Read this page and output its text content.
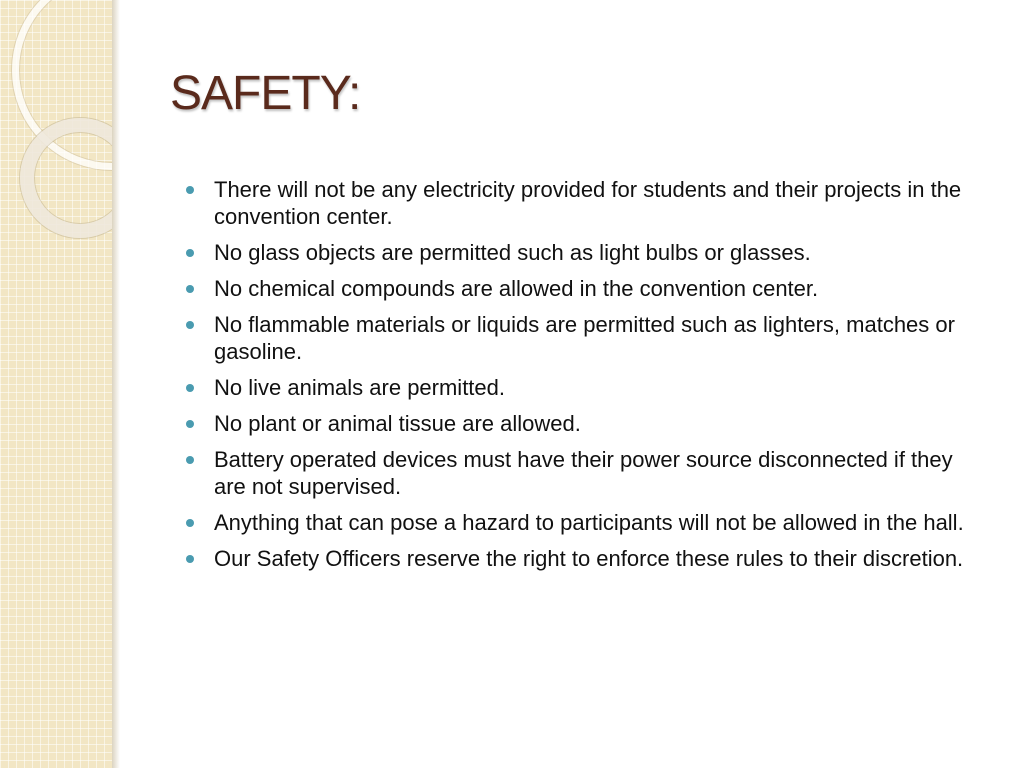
SAFETY:
There will not be any electricity provided for students and their projects in the convention center.
No glass objects are permitted such as light bulbs or glasses.
No chemical compounds are allowed in the convention center.
No flammable materials or liquids are permitted such as lighters, matches or gasoline.
No live animals are permitted.
No plant or animal tissue are allowed.
Battery operated devices must have their power source disconnected if they are not supervised.
Anything that can pose a hazard to participants will not be allowed in the hall.
Our Safety Officers reserve the right to enforce these rules to their discretion.
